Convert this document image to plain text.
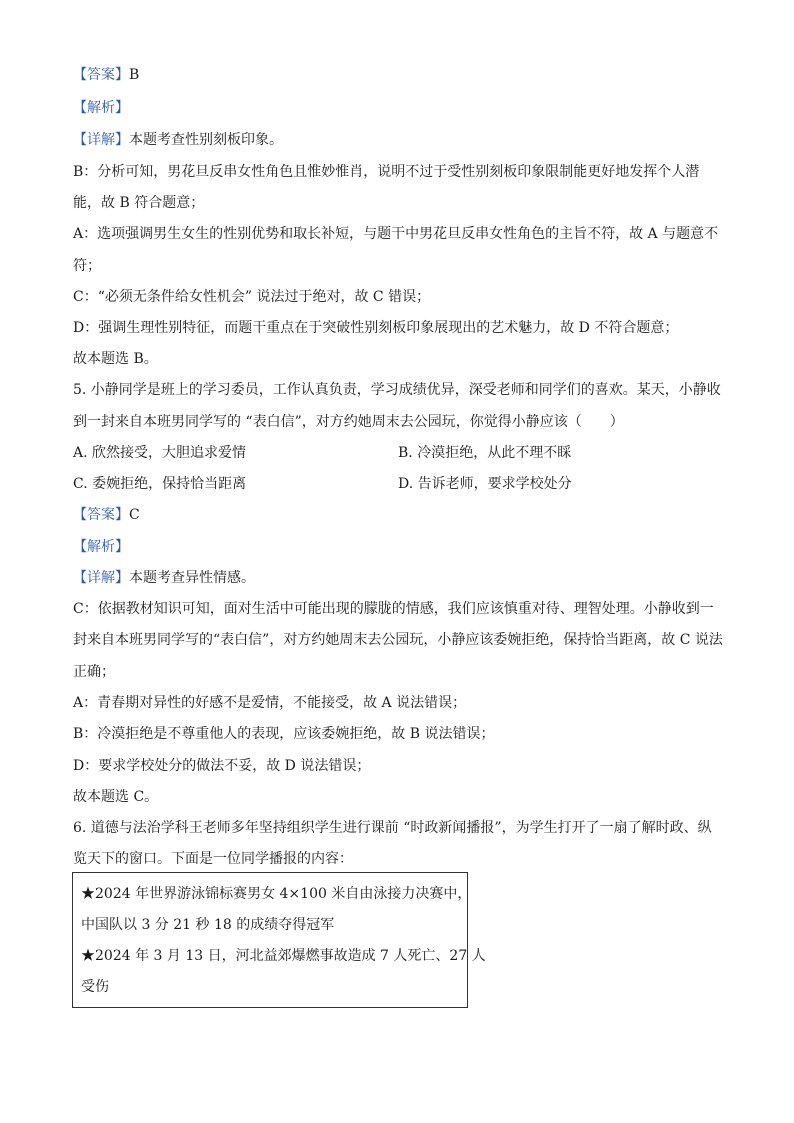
【答案】B
【解析】
【详解】本题考查性别刻板印象。
B：分析可知，男花旦反串女性角色且惟妙惟肖，说明不过于受性别刻板印象限制能更好地发挥个人潜
能，故 B 符合题意；
A：选项强调男生女生的性别优势和取长补短，与题干中男花旦反串女性角色的主旨不符，故 A 与题意不
符；
C：“必须无条件给女性机会” 说法过于绝对，故 C 错误；
D：强调生理性别特征，而题干重点在于突破性别刻板印象展现出的艺术魅力，故 D 不符合题意；
故本题选 B。
5. 小静同学是班上的学习委员，工作认真负责，学习成绩优异，深受老师和同学们的喜欢。某天，小静收
到一封来自本班男同学写的 “表白信”，对方约她周末去公园玩，你觉得小静应该（　　）
A. 欣然接受，大胆追求爱情	B. 冷漠拒绝，从此不理不睬
C. 委婉拒绝，保持恰当距离	D. 告诉老师，要求学校处分
【答案】C
【解析】
【详解】本题考查异性情感。
C：依据教材知识可知，面对生活中可能出现的朦胧的情感，我们应该慎重对待、理智处理。小静收到一
封来自本班男同学写的“表白信”，对方约她周末去公园玩，小静应该委婉拒绝，保持恰当距离，故 C 说法
正确；
A：青春期对异性的好感不是爱情，不能接受，故 A 说法错误；
B：冷漠拒绝是不尊重他人的表现，应该委婉拒绝，故 B 说法错误；
D：要求学校处分的做法不妥，故 D 说法错误；
故本题选 C。
6. 道德与法治学科王老师多年坚持组织学生进行课前 “时政新闻播报”，为学生打开了一扇了解时政、纵
览天下的窗口。下面是一位同学播报的内容：
★2024 年世界游泳锦标赛男女 4×100 米自由泳接力决赛中，
中国队以 3 分 21 秒 18 的成绩夺得冠军
★2024 年 3 月 13 日，河北益郊爆燃事故造成 7 人死亡、27 人
受伤
